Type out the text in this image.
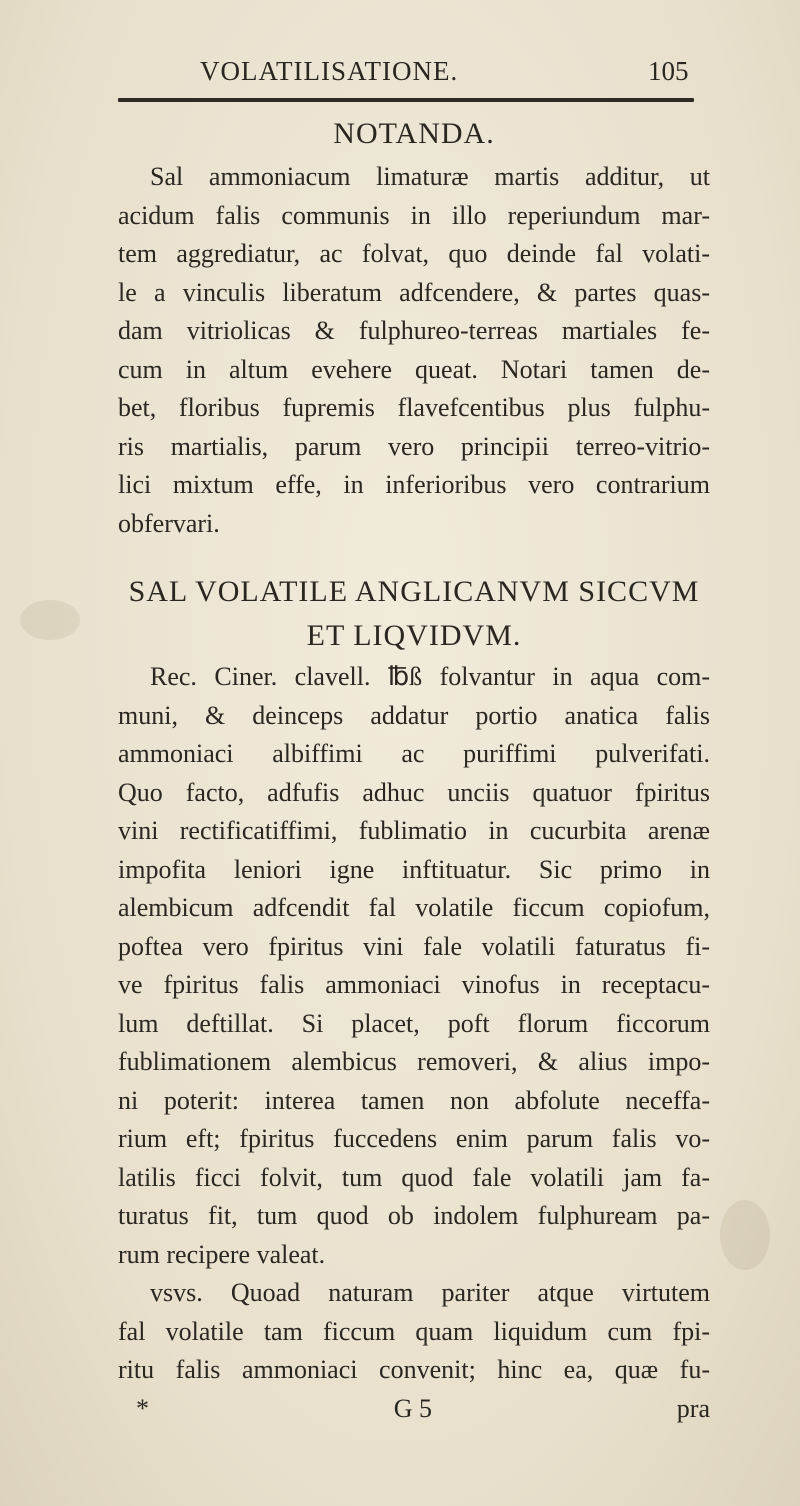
VOLATILISATIONE.	105
NOTANDA.
Sal ammoniacum limaturæ martis additur, ut
acidum falis communis in illo reperiundum mar-
tem aggrediatur, ac folvat, quo deinde fal volati-
le a vinculis liberatum adfcendere, & partes quas-
dam vitriolicas & fulphureo-terreas martiales fe-
cum in altum evehere queat. Notari tamen de-
bet, floribus fupremis flavefcentibus plus fulphu-
ris martialis, parum vero principii terreo-vitrio-
lici mixtum effe, in inferioribus vero contrarium
obfervari.
SAL VOLATILE ANGLICANVM SICCVM
ET LIQVIDVM.
Rec. Ciner. clavell. ℔ß folvantur in aqua com-
muni, & deinceps addatur portio anatica falis
ammoniaci albiffimi ac puriffimi pulverifati.
Quo facto, adfufis adhuc unciis quatuor fpiritus
vini rectificatiffimi, fublimatio in cucurbita arenæ
impofita leniori igne inftituatur. Sic primo in
alembicum adfcendit fal volatile ficcum copiofum,
poftea vero fpiritus vini fale volatili faturatus fi-
ve fpiritus falis ammoniaci vinofus in receptacu-
lum deftillat. Si placet, poft florum ficcorum
fublimationem alembicus removeri, & alius impo-
ni poterit: interea tamen non abfolute neceffa-
rium eft; fpiritus fuccedens enim parum falis vo-
latilis ficci folvit, tum quod fale volatili jam fa-
turatus fit, tum quod ob indolem fulphuream pa-
rum recipere valeat.
vsvs. Quoad naturam pariter atque virtutem
fal volatile tam ficcum quam liquidum cum fpi-
ritu falis ammoniaci convenit; hinc ea, quæ fu-
*	G 5	pra
